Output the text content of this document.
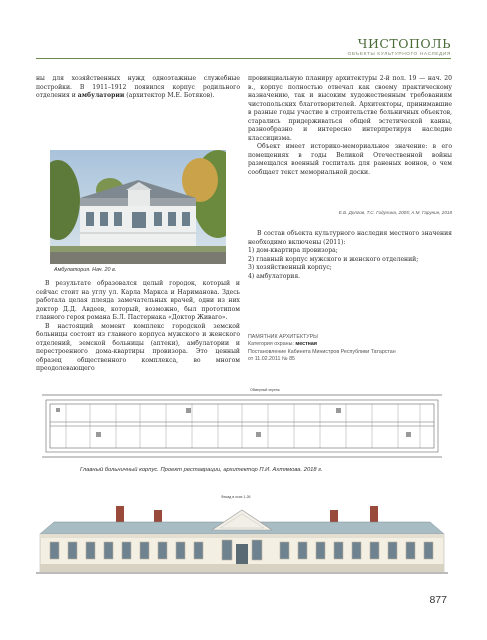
ЧИСТОПОЛЬ
ОБЪЕКТЫ КУЛЬТУРНОГО НАСЛЕДИЯ

ны для хозяйственных нужд одноэтажные служебные постройки. В 1911–1912 появился корпус родильного отделения и амбулатории (архитектор М.Е. Ботяков).

Амбулатория. Нач. 20 в.

В результате образовался целый городок, который и сейчас стоит на углу ул. Карла Маркса и Нариманова. Здесь работала целая плеяда замечательных врачей, одни из них доктор Д.Д. Авдеев, который, возможно, был прототипом главного героя романа Б.Л. Пастернака «Доктор Живаго».

В настоящий момент комплекс городской земской больницы состоит из главного корпуса мужского и женского отделений, земской больницы (аптеки), амбулатории и перестроенного дома-квартиры провизора. Это ценный образец общественного комплекса, во многом преодолевающего

провинциальную планиру архитектуры 2-й пол. 19 — нач. 20 в., корпус полностью отвечал как своему практическому назначению, так и высоким художественным требованиям чистопольских благотворителей. Архитекторы, принимавшие в разные годы участие в строительстве больничных объектов, старались придерживаться общей эстетической канвы, разнообразно и интересно интерпретируя наследие классицизма.

Объект имеет историко-мемориальное значение: в его помещениях в годы Великой Отечественной войны размещался военный госпиталь для раненых воинов, о чем сообщает текст мемориальной доски.

Е.Б. Долгов, Т.С. Гидулина, 2005; А.М. Гарунин, 2018

В состав объекта культурного наследия местного значения необходимо включены (2011):

1) дом-квартира провизора;
2) главный корпус мужского и женского отделений;
3) хозяйственный корпус;
4) амбулатория.
ПАМЯТНИК АРХИТЕКТУРЫ
Категория охраны: местная
Постановление Кабинета Министров Республики Татарстан
от 11.02.2011 № 85
Обмерный чертеж
Главный больничный корпус. Проект реставрации, архитектор П.И. Ахтямова. 2018 г.
Фасад в осях 1-26
877
